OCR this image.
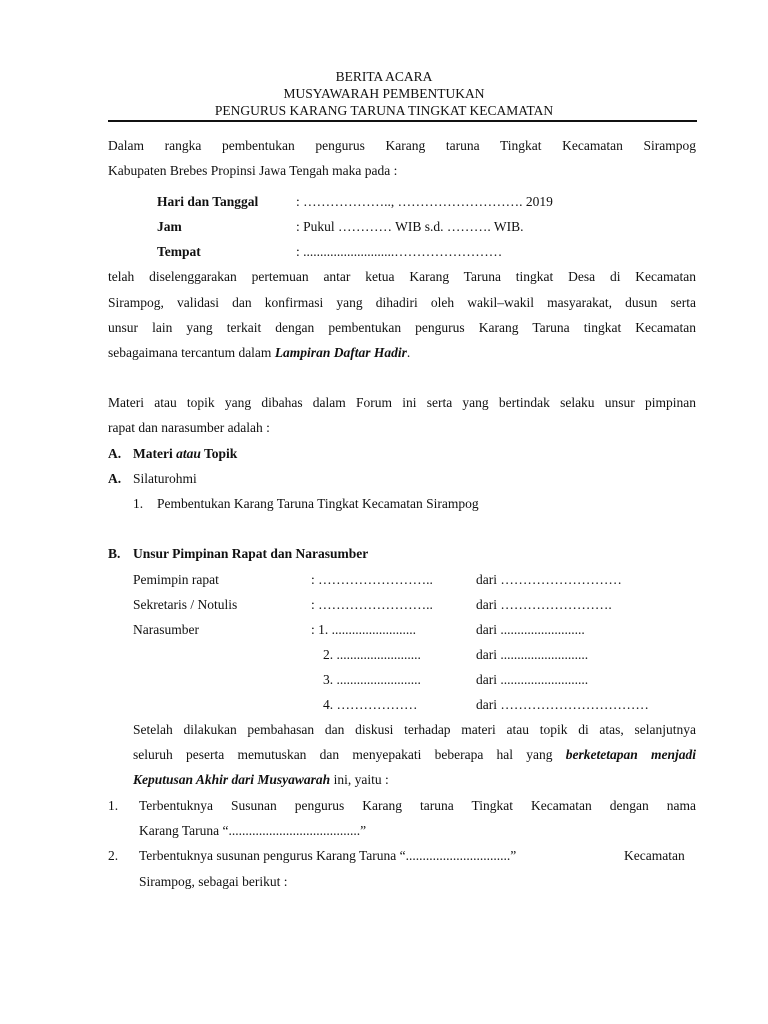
BERITA ACARA
MUSYAWARAH PEMBENTUKAN
PENGURUS KARANG TARUNA TINGKAT KECAMATAN
Dalam rangka pembentukan pengurus Karang taruna Tingkat Kecamatan Sirampog
Kabupaten Brebes Propinsi Jawa Tengah maka pada :
Hari dan Tanggal	: ……………….., ………………………. 2019
Jam	: Pukul ………… WIB s.d. ………. WIB.
Tempat	: ...........................……………………
telah diselenggarakan pertemuan antar ketua Karang Taruna tingkat Desa di Kecamatan
Sirampog, validasi dan konfirmasi yang dihadiri oleh wakil–wakil masyarakat, dusun serta
unsur lain yang terkait dengan pembentukan pengurus Karang Taruna tingkat Kecamatan
sebagaimana tercantum dalam Lampiran Daftar Hadir.
Materi atau topik yang dibahas dalam Forum ini serta yang bertindak selaku unsur pimpinan
rapat dan narasumber adalah :
A. Materi atau Topik
A. Silaturohmi
1. Pembentukan Karang Taruna Tingkat Kecamatan Sirampog
B. Unsur Pimpinan Rapat dan Narasumber
Pemimpin rapat	: ……………………..	dari ………………………
Sekretaris / Notulis	: ……………………..	dari …………………….
Narasumber	: 1. .........................	dari .........................
2. .........................	dari ..........................
3. .........................	dari ..........................
4. ………………	dari ……………………………
Setelah dilakukan pembahasan dan diskusi terhadap materi atau topik di atas, selanjutnya
seluruh peserta memutuskan dan menyepakati beberapa hal yang berketetapan menjadi
Keputusan Akhir dari Musyawarah ini, yaitu :
1. Terbentuknya Susunan pengurus Karang taruna Tingkat Kecamatan dengan nama
Karang Taruna “.......................................”
2. Terbentuknya susunan pengurus Karang Taruna “...............................”	Kecamatan
Sirampog, sebagai berikut :
